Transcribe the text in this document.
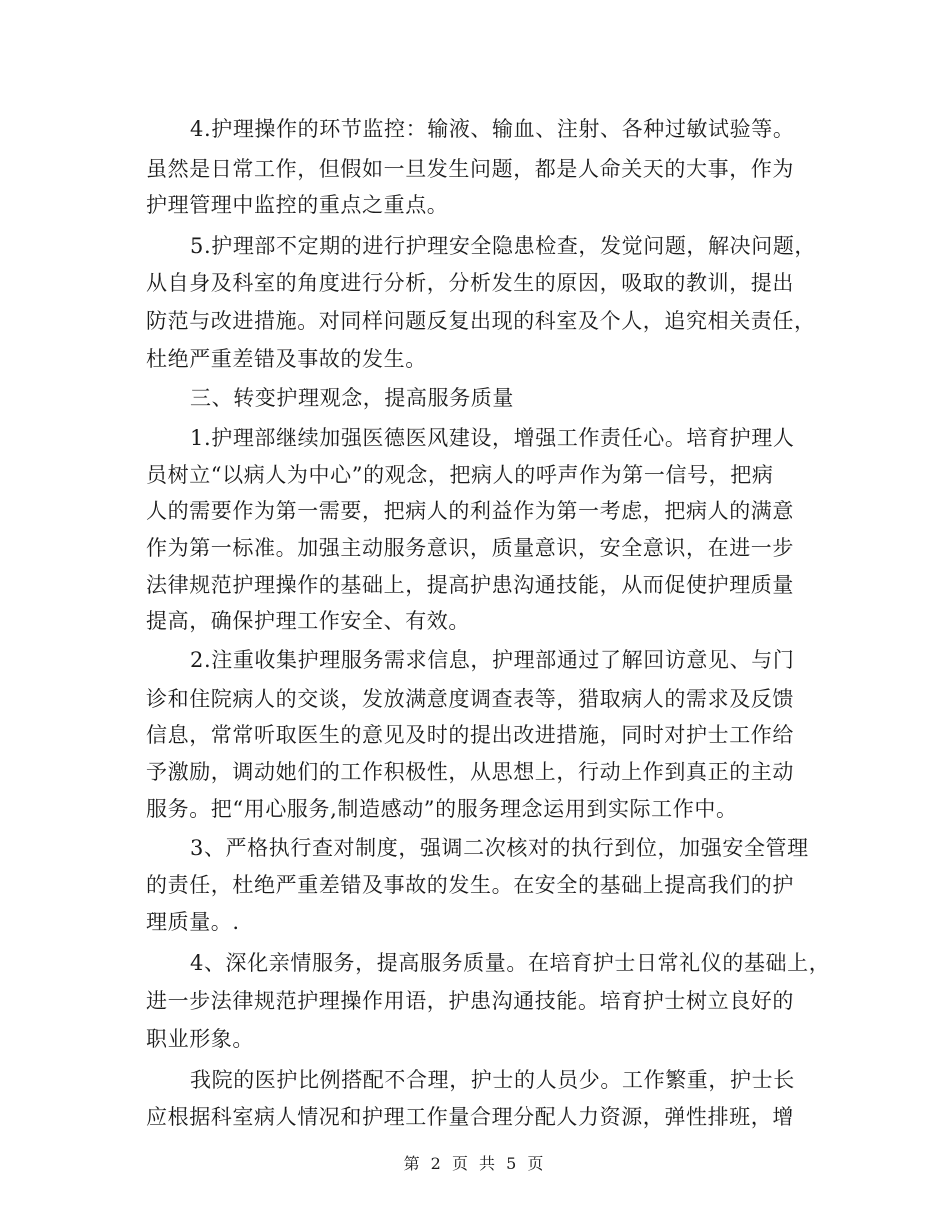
4.护理操作的环节监控：输液、输血、注射、各种过敏试验等。
虽然是日常工作，但假如一旦发生问题，都是人命关天的大事，作为
护理管理中监控的重点之重点。
5.护理部不定期的进行护理安全隐患检查，发觉问题，解决问题，
从自身及科室的角度进行分析，分析发生的原因，吸取的教训，提出
防范与改进措施。对同样问题反复出现的科室及个人，追究相关责任，
杜绝严重差错及事故的发生。
三、转变护理观念，提高服务质量
1.护理部继续加强医德医风建设，增强工作责任心。培育护理人
员树立“以病人为中心”的观念，把病人的呼声作为第一信号，把病
人的需要作为第一需要，把病人的利益作为第一考虑，把病人的满意
作为第一标准。加强主动服务意识，质量意识，安全意识，在进一步
法律规范护理操作的基础上，提高护患沟通技能，从而促使护理质量
提高，确保护理工作安全、有效。
2.注重收集护理服务需求信息，护理部通过了解回访意见、与门
诊和住院病人的交谈，发放满意度调查表等，猎取病人的需求及反馈
信息，常常听取医生的意见及时的提出改进措施，同时对护士工作给
予激励，调动她们的工作积极性，从思想上，行动上作到真正的主动
服务。把“用心服务,制造感动”的服务理念运用到实际工作中。
3、严格执行查对制度，强调二次核对的执行到位，加强安全管理
的责任，杜绝严重差错及事故的发生。在安全的基础上提高我们的护
理质量。.
4、深化亲情服务，提高服务质量。在培育护士日常礼仪的基础上，
进一步法律规范护理操作用语，护患沟通技能。培育护士树立良好的
职业形象。
我院的医护比例搭配不合理，护士的人员少。工作繁重，护士长
应根据科室病人情况和护理工作量合理分配人力资源，弹性排班，增
第 2 页 共 5 页
